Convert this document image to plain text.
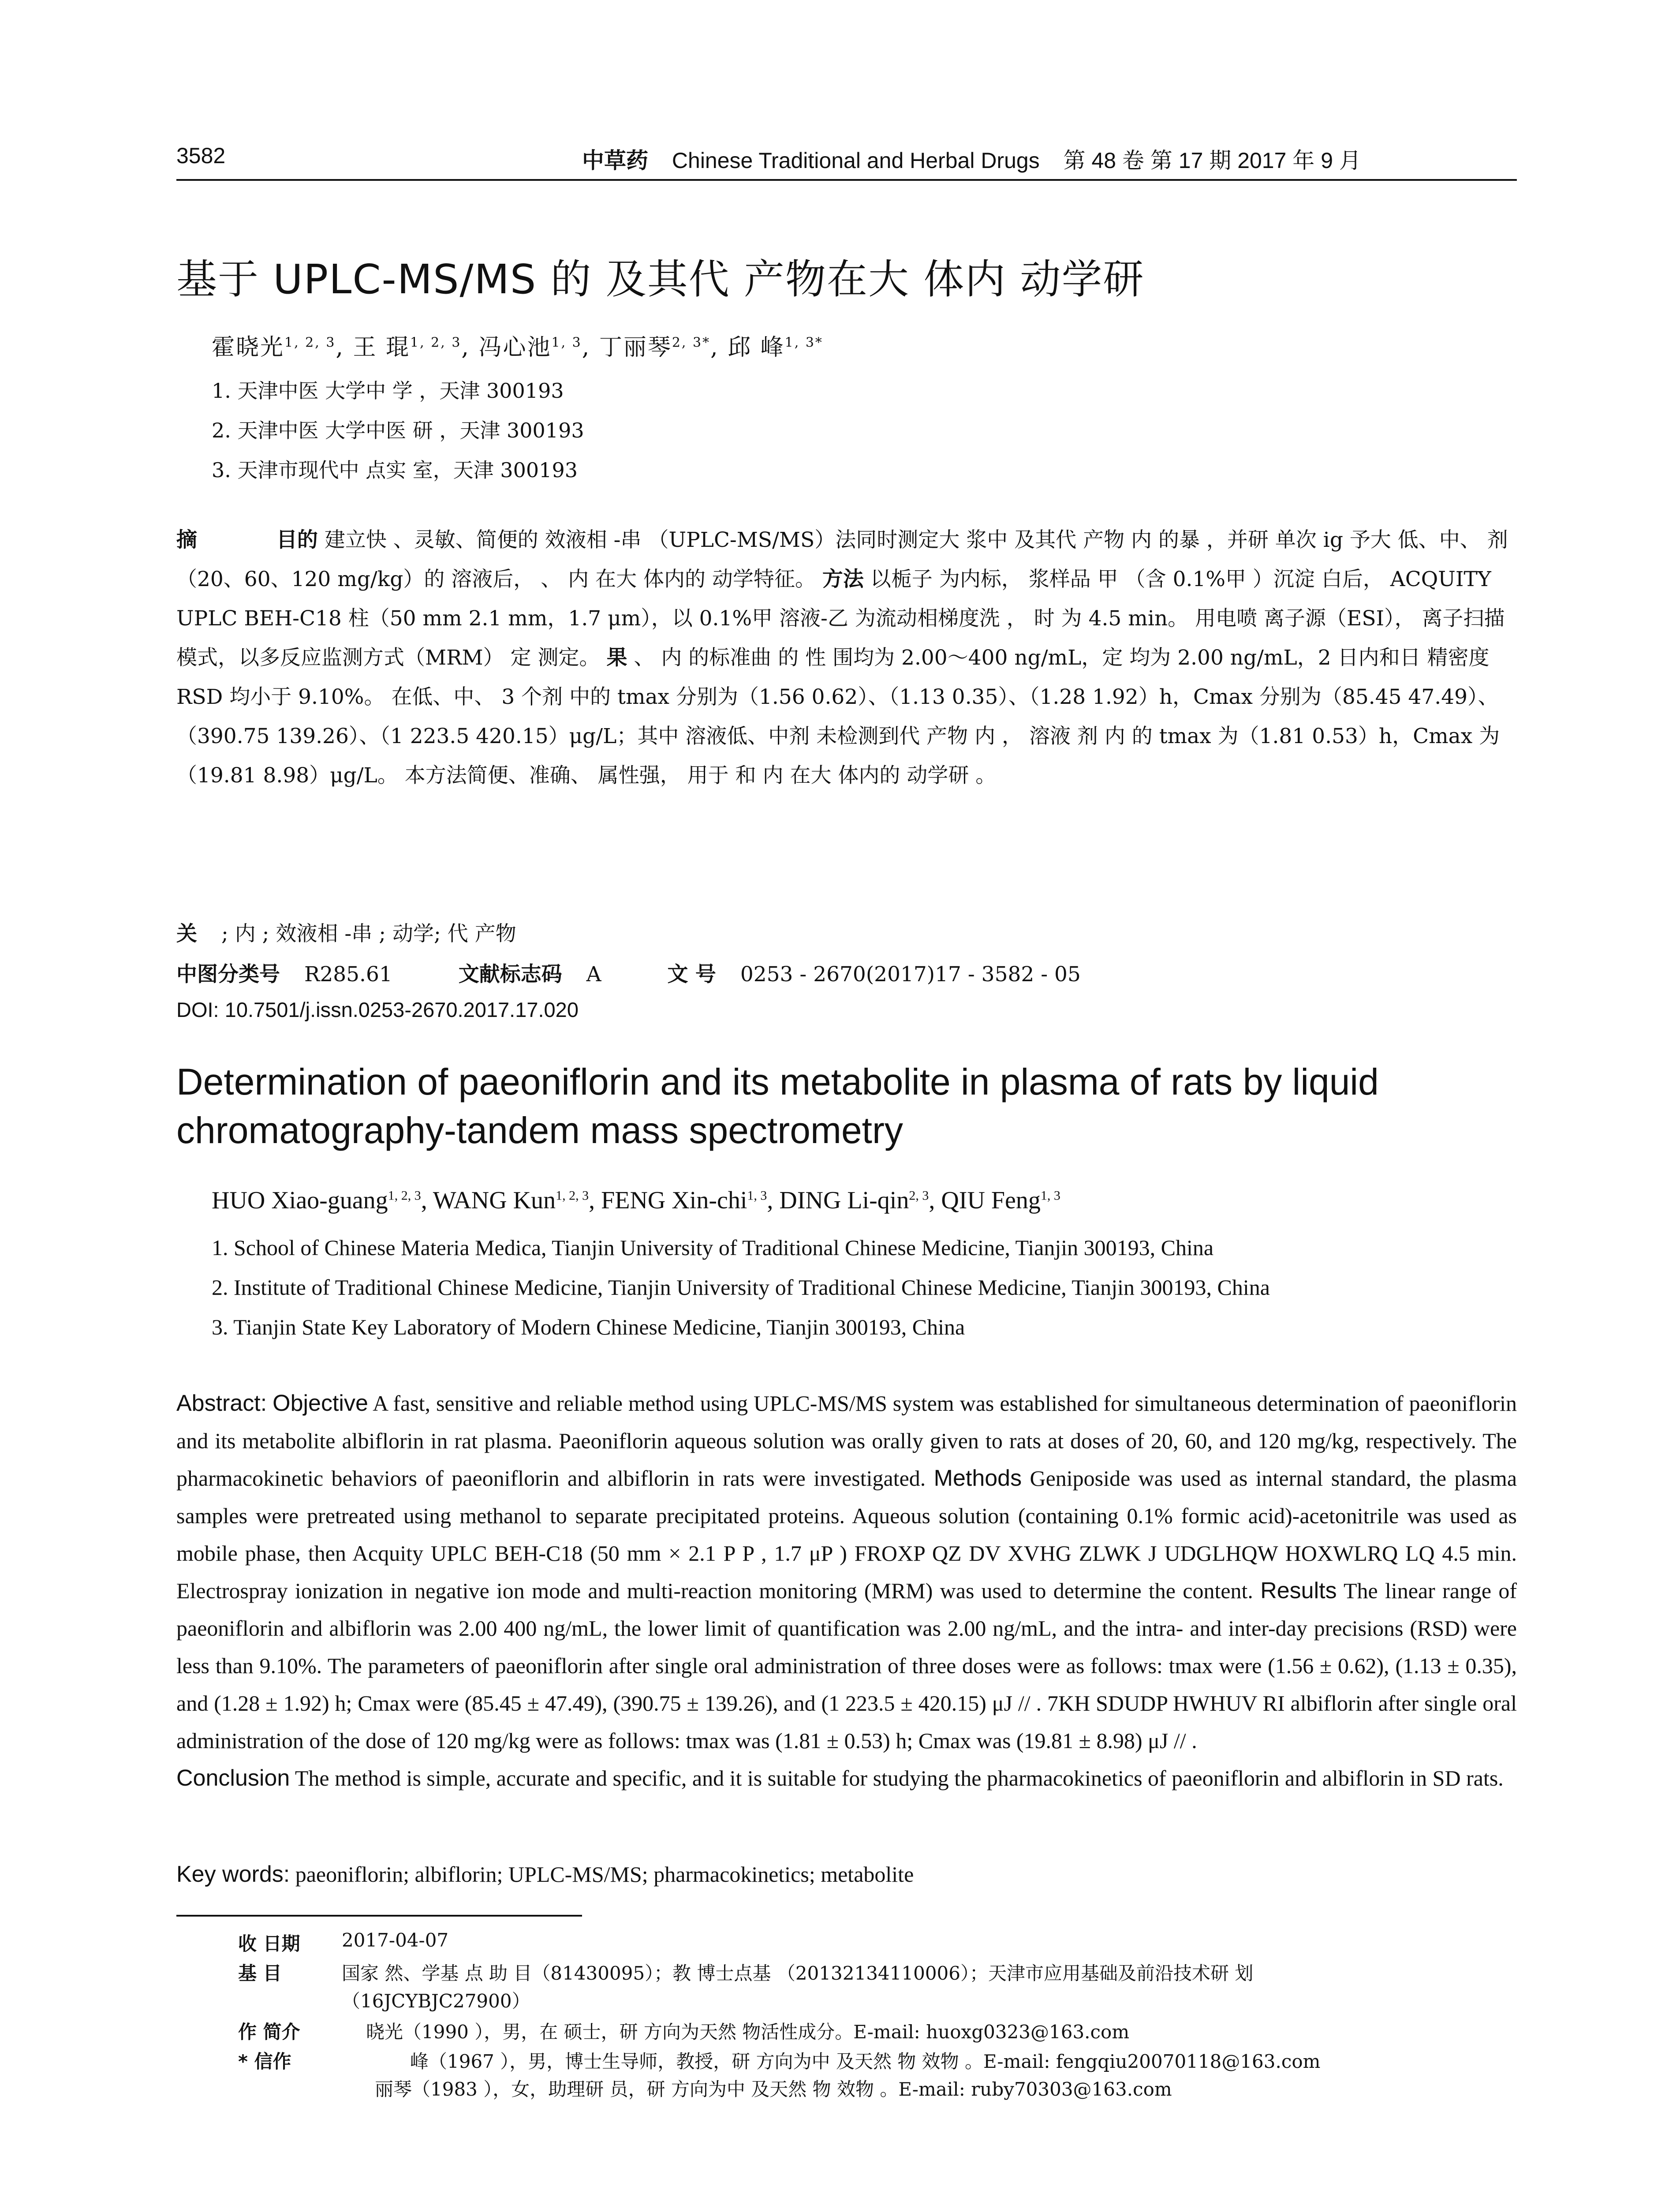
3582	中草药 Chinese Traditional and Herbal Drugs 第 48 卷 第 17 期 2017 年 9 月
基于 UPLC-MS/MS 的 及其代 产物在大 体内 动学研
霍晓光$^{1, 2, 3}$, 王 琨$^{1, 2, 3}$, 冯心池$^{1, 3}$, 丁丽琴$^{2, 3*}$, 邱 峰$^{1, 3*}$
1. 天津中医 大学中 学 ，天津 300193
2. 天津中医 大学中医 研 ，天津 300193
3. 天津市现代中 点实 室，天津 300193
摘	目的 建立快 、灵敏、简便的 效液相 -串 （UPLC-MS/MS）法同时测定大 浆中 及其代 产物 内 的暴 ，并研 单次 ig 予大 低、中、 剂 （20、60、120 mg/kg）的 溶液后， 、 内 在大 体内的 动学特征。 方法 以栀子 为内标， 浆样品 甲 （含 0.1%甲 ）沉淀 白后， ACQUITY UPLC BEH-C18 柱（50 mm 2.1 mm，1.7 μm），以 0.1%甲 溶液-乙 为流动相梯度洗 ， 时 为 4.5 min。 用电喷 离子源（ESI）， 离子扫描模式，以多反应监测方式（MRM） 定 测定。 果 、 内 的标准曲 的 性 围均为 2.00～400 ng/mL，定 均为 2.00 ng/mL，2 日内和日 精密度 RSD 均小于 9.10%。 在低、中、 3 个剂 中的 tmax 分别为（1.56 0.62）、（1.13 0.35）、（1.28 1.92）h，Cmax 分别为（85.45 47.49）、（390.75 139.26）、（1 223.5 420.15）μg/L；其中 溶液低、中剂 未检测到代 产物 内 ， 溶液 剂 内 的 tmax 为（1.81 0.53）h，Cmax 为（19.81 8.98）μg/L。 本方法简便、准确、 属性强， 用于 和 内 在大 体内的 动学研 。
关 ; 内 ; 效液相 -串 ; 动学; 代 产物
中图分类号 R285.61	文献标志码 A	文 号 0253 - 2670(2017)17 - 3582 - 05
DOI: 10.7501/j.issn.0253-2670.2017.17.020
Determination of paeoniflorin and its metabolite in plasma of rats by liquid chromatography-tandem mass spectrometry
HUO Xiao-guang$^{1, 2, 3}$, WANG Kun$^{1, 2, 3}$, FENG Xin-chi$^{1, 3}$, DING Li-qin$^{2, 3}$, QIU Feng$^{1, 3}$
1. School of Chinese Materia Medica, Tianjin University of Traditional Chinese Medicine, Tianjin 300193, China
2. Institute of Traditional Chinese Medicine, Tianjin University of Traditional Chinese Medicine, Tianjin 300193, China
3. Tianjin State Key Laboratory of Modern Chinese Medicine, Tianjin 300193, China
Abstract: Objective A fast, sensitive and reliable method using UPLC-MS/MS system was established for simultaneous determination of paeoniflorin and its metabolite albiflorin in rat plasma. Paeoniflorin aqueous solution was orally given to rats at doses of 20, 60, and 120 mg/kg, respectively. The pharmacokinetic behaviors of paeoniflorin and albiflorin in rats were investigated. Methods Geniposide was used as internal standard, the plasma samples were pretreated using methanol to separate precipitated proteins. Aqueous solution (containing 0.1% formic acid)-acetonitrile was used as mobile phase, then Acquity UPLC BEH-C18 (50 mm × 2.1 P P , 1.7 μP ) FROXP QZ DV XVHG ZLWK J UDGLHQW HOXWLRQ LQ 4.5 min. Electrospray ionization in negative ion mode and multi-reaction monitoring (MRM) was used to determine the content. Results The linear range of paeoniflorin and albiflorin was 2.00 400 ng/mL, the lower limit of quantification was 2.00 ng/mL, and the intra- and inter-day precisions (RSD) were less than 9.10%. The parameters of paeoniflorin after single oral administration of three doses were as follows: tmax were (1.56 ± 0.62), (1.13 ± 0.35), and (1.28 ± 1.92) h; Cmax were (85.45 ± 47.49), (390.75 ± 139.26), and (1 223.5 ± 420.15) μJ // . 7KH SDUDP HWHUV RI albiflorin after single oral administration of the dose of 120 mg/kg were as follows: tmax was (1.81 ± 0.53) h; Cmax was (19.81 ± 8.98) μJ // .
Conclusion The method is simple, accurate and specific, and it is suitable for studying the pharmacokinetics of paeoniflorin and albiflorin in SD rats.
Key words: paeoniflorin; albiflorin; UPLC-MS/MS; pharmacokinetics; metabolite
收 日期 2017-04-07
基 目	国家 然、学基 点 助 目（81430095）；教 博士点基 （20132134110006）；天津市应用基础及前沿技术研 划
（16JCYBJC27900）
作 简介	晓光（1990 ），男，在 硕士，研 方向为天然 物活性成分。E-mail: huoxg0323@163.com
* 信作	峰（1967 ），男，博士生导师，教授，研 方向为中 及天然 物 效物 。E-mail: fengqiu20070118@163.com
丽琴（1983 ），女，助理研 员，研 方向为中 及天然 物 效物 。E-mail: ruby70303@163.com
